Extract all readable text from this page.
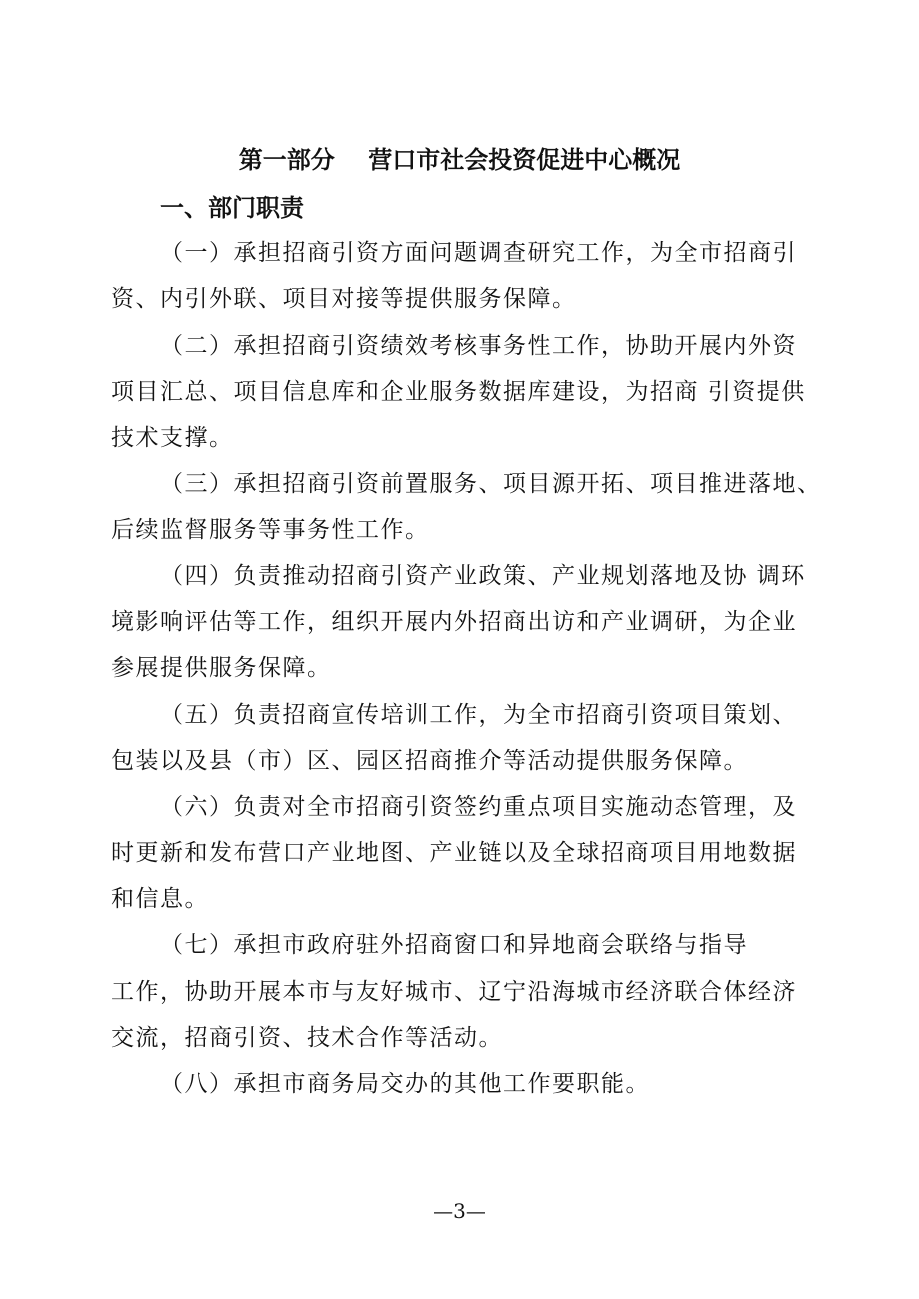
第一部分    营口市社会投资促进中心概况
一、部门职责

（一）承担招商引资方面问题调查研究工作，为全市招商引

资、内引外联、项目对接等提供服务保障。

（二）承担招商引资绩效考核事务性工作，协助开展内外资

项目汇总、项目信息库和企业服务数据库建设，为招商 引资提供

技术支撑。

（三）承担招商引资前置服务、项目源开拓、项目推进落地、

后续监督服务等事务性工作。

（四）负责推动招商引资产业政策、产业规划落地及协 调环

境影响评估等工作，组织开展内外招商出访和产业调研，为企业

参展提供服务保障。

（五）负责招商宣传培训工作，为全市招商引资项目策划、

包装以及县（市）区、园区招商推介等活动提供服务保障。

（六）负责对全市招商引资签约重点项目实施动态管理，及

时更新和发布营口产业地图、产业链以及全球招商项目用地数据

和信息。

（七）承担市政府驻外招商窗口和异地商会联络与指导

工作，协助开展本市与友好城市、辽宁沿海城市经济联合体经济

交流，招商引资、技术合作等活动。

（八）承担市商务局交办的其他工作要职能。

—3—
